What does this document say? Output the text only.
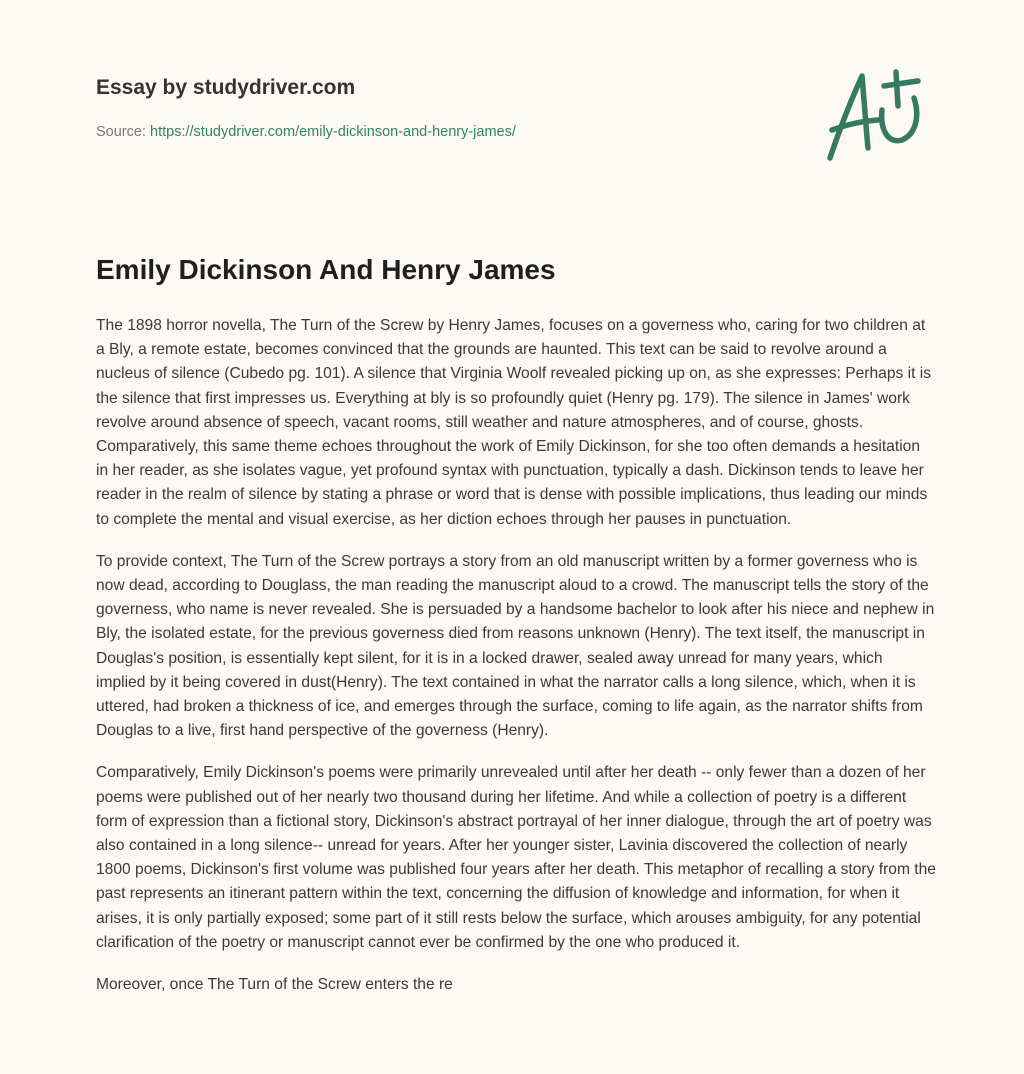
Essay by studydriver.com
Source: https://studydriver.com/emily-dickinson-and-henry-james/
Emily Dickinson And Henry James

The 1898 horror novella, The Turn of the Screw by Henry James, focuses on a governess who, caring for two children at a Bly, a remote estate, becomes convinced that the grounds are haunted. This text can be said to revolve around a nucleus of silence (Cubedo pg. 101). A silence that Virginia Woolf revealed picking up on, as she expresses: Perhaps it is the silence that first impresses us. Everything at bly is so profoundly quiet (Henry pg. 179). The silence in James' work revolve around absence of speech, vacant rooms, still weather and nature atmospheres, and of course, ghosts. Comparatively, this same theme echoes throughout the work of Emily Dickinson, for she too often demands a hesitation in her reader, as she isolates vague, yet profound syntax with punctuation, typically a dash. Dickinson tends to leave her reader in the realm of silence by stating a phrase or word that is dense with possible implications, thus leading our minds to complete the mental and visual exercise, as her diction echoes through her pauses in punctuation.

To provide context, The Turn of the Screw portrays a story from an old manuscript written by a former governess who is now dead, according to Douglass, the man reading the manuscript aloud to a crowd. The manuscript tells the story of the governess, who name is never revealed. She is persuaded by a handsome bachelor to look after his niece and nephew in Bly, the isolated estate, for the previous governess died from reasons unknown (Henry). The text itself, the manuscript in Douglas's position, is essentially kept silent, for it is in a locked drawer, sealed away unread for many years, which implied by it being covered in dust(Henry). The text contained in what the narrator calls a long silence, which, when it is uttered, had broken a thickness of ice, and emerges through the surface, coming to life again, as the narrator shifts from Douglas to a live, first hand perspective of the governess (Henry).

Comparatively, Emily Dickinson's poems were primarily unrevealed until after her death -- only fewer than a dozen of her poems were published out of her nearly two thousand during her lifetime. And while a collection of poetry is a different form of expression than a fictional story, Dickinson's abstract portrayal of her inner dialogue, through the art of poetry was also contained in a long silence-- unread for years. After her younger sister, Lavinia discovered the collection of nearly 1800 poems, Dickinson's first volume was published four years after her death. This metaphor of recalling a story from the past represents an itinerant pattern within the text, concerning the diffusion of knowledge and information, for when it arises, it is only partially exposed; some part of it still rests below the surface, which arouses ambiguity, for any potential clarification of the poetry or manuscript cannot ever be confirmed by the one who produced it.

Moreover, once The Turn of the Screw enters the re
